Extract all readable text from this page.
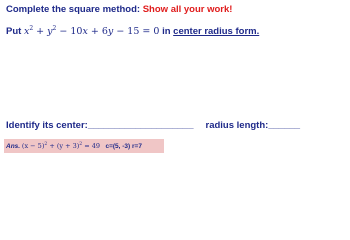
Complete the square method: Show all your work!
Put $x^2 + y^2 - 10x + 6y - 15 = 0$ in center radius form.
Identify its center:____________________ radius length:______
Ans. $(x - 5)^2 + (y + 3)^2 = 49$ c=(5, -3) r=7
